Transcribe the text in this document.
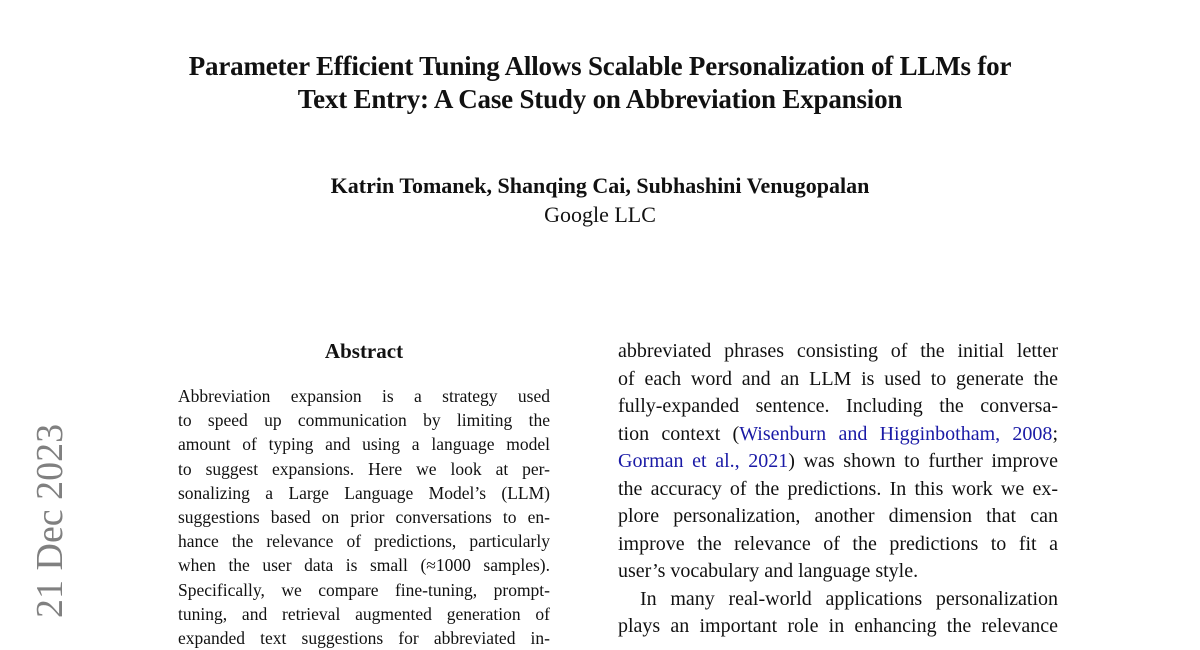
Parameter Efficient Tuning Allows Scalable Personalization of LLMs for
Text Entry: A Case Study on Abbreviation Expansion
Katrin Tomanek, Shanqing Cai, Subhashini Venugopalan
Google LLC
21 Dec 2023
Abstract
Abbreviation expansion is a strategy used
to speed up communication by limiting the
amount of typing and using a language model
to suggest expansions. Here we look at per-
sonalizing a Large Language Model’s (LLM)
suggestions based on prior conversations to en-
hance the relevance of predictions, particularly
when the user data is small (≈1000 samples).
Specifically, we compare fine-tuning, prompt-
tuning, and retrieval augmented generation of
expanded text suggestions for abbreviated in-
abbreviated phrases consisting of the initial letter
of each word and an LLM is used to generate the
fully-expanded sentence. Including the conversa-
tion context (Wisenburn and Higginbotham, 2008;
Gorman et al., 2021) was shown to further improve
the accuracy of the predictions. In this work we ex-
plore personalization, another dimension that can
improve the relevance of the predictions to fit a
user’s vocabulary and language style.
In many real-world applications personalization
plays an important role in enhancing the relevance
